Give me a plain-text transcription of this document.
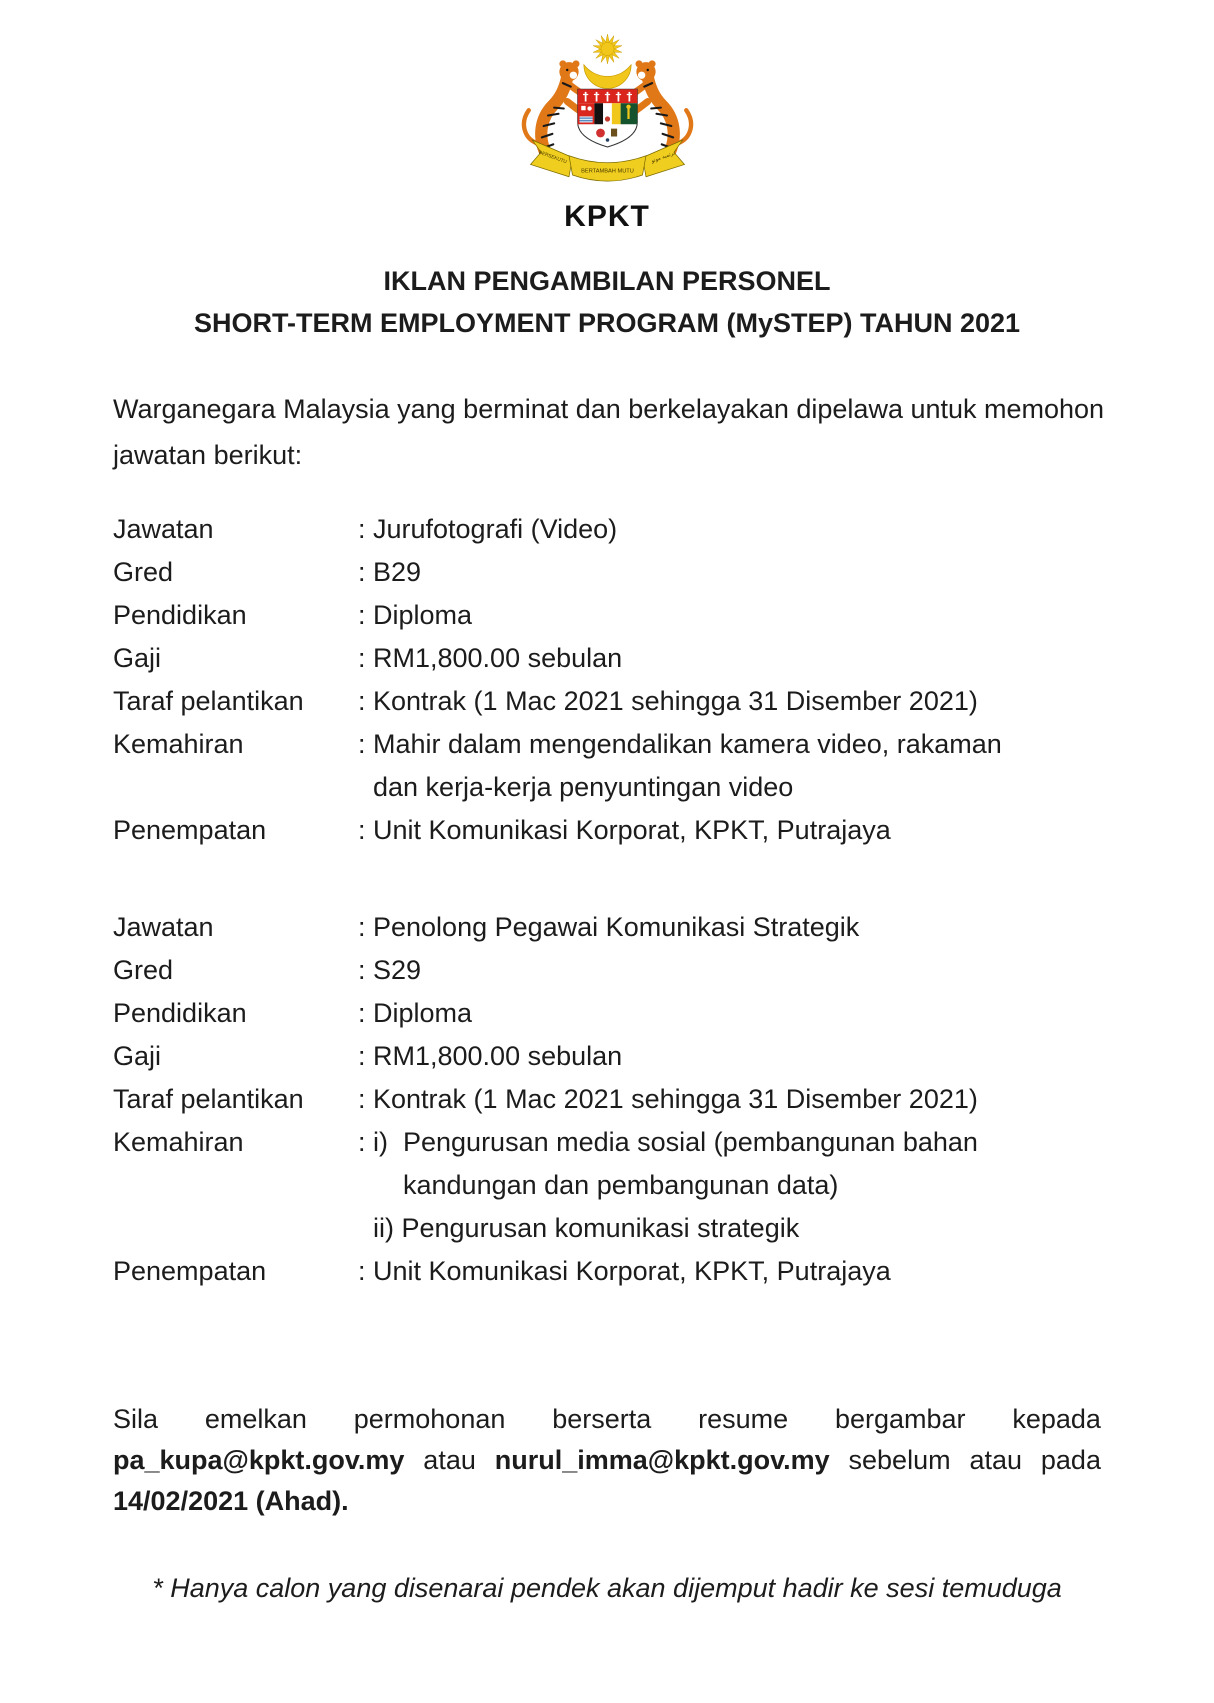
BERSEKUTU
BERTAMBAH MUTU
برتمبه موتو
KPKT
IKLAN PENGAMBILAN PERSONEL
SHORT-TERM EMPLOYMENT PROGRAM (MySTEP) TAHUN 2021
Warganegara Malaysia yang berminat dan berkelayakan dipelawa untuk memohon
jawatan berikut:
Jawatan	: Jurufotografi (Video)
Gred	: B29
Pendidikan	: Diploma
Gaji	: RM1,800.00 sebulan
Taraf pelantikan	: Kontrak (1 Mac 2021 sehingga 31 Disember 2021)
Kemahiran	: Mahir dalam mengendalikan kamera video, rakaman
dan kerja-kerja penyuntingan video
Penempatan	: Unit Komunikasi Korporat, KPKT, Putrajaya
Jawatan	: Penolong Pegawai Komunikasi Strategik
Gred	: S29
Pendidikan	: Diploma
Gaji	: RM1,800.00 sebulan
Taraf pelantikan	: Kontrak (1 Mac 2021 sehingga 31 Disember 2021)
Kemahiran	: i)  Pengurusan media sosial (pembangunan bahan
kandungan dan pembangunan data)
ii) Pengurusan komunikasi strategik
Penempatan	: Unit Komunikasi Korporat, KPKT, Putrajaya
Sila emelkan permohonan berserta resume bergambar kepada
pa_kupa@kpkt.gov.my atau nurul_imma@kpkt.gov.my sebelum atau pada
14/02/2021 (Ahad).
* Hanya calon yang disenarai pendek akan dijemput hadir ke sesi temuduga
